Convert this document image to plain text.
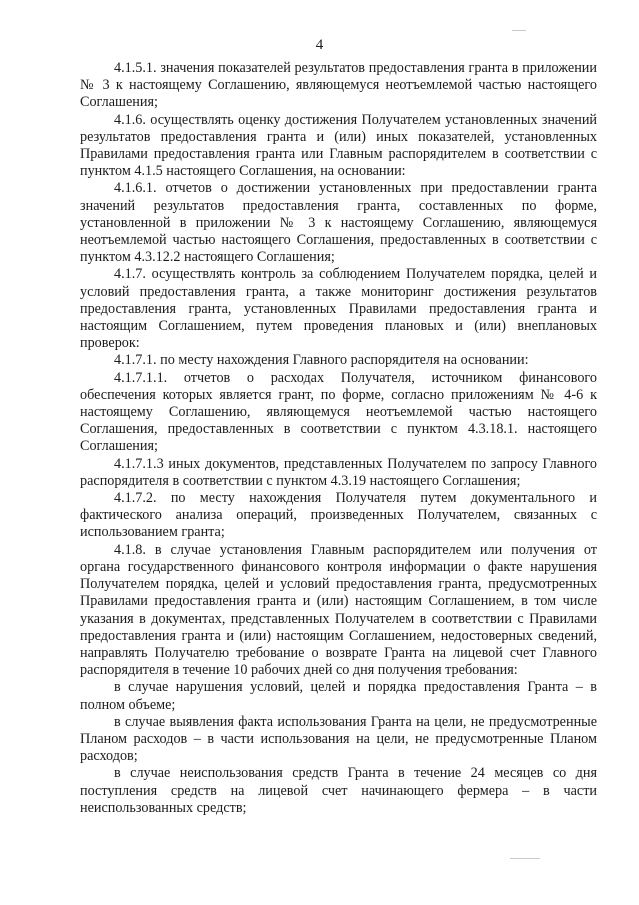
4

4.1.5.1. значения показателей результатов предоставления гранта в приложении № 3 к настоящему Соглашению, являющемуся неотъемлемой частью настоящего Соглашения;

4.1.6. осуществлять оценку достижения Получателем установленных значений результатов предоставления гранта и (или) иных показателей, установленных Правилами предоставления гранта или Главным распорядителем в соответствии с пунктом 4.1.5 настоящего Соглашения, на основании:

4.1.6.1. отчетов о достижении установленных при предоставлении гранта значений результатов предоставления гранта, составленных по форме, установленной в приложении № 3 к настоящему Соглашению, являющемуся неотъемлемой частью настоящего Соглашения, предоставленных в соответствии с пунктом 4.3.12.2 настоящего Соглашения;

4.1.7. осуществлять контроль за соблюдением Получателем порядка, целей и условий предоставления гранта, а также мониторинг достижения результатов предоставления гранта, установленных Правилами предоставления гранта и настоящим Соглашением, путем проведения плановых и (или) внеплановых проверок:

4.1.7.1. по месту нахождения Главного распорядителя на основании:

4.1.7.1.1. отчетов о расходах Получателя, источником финансового обеспечения которых является грант, по форме, согласно приложениям № 4-6 к настоящему Соглашению, являющемуся неотъемлемой частью настоящего Соглашения, предоставленных в соответствии с пунктом 4.3.18.1. настоящего Соглашения;

4.1.7.1.3 иных документов, представленных Получателем по запросу Главного распорядителя в соответствии с пунктом 4.3.19 настоящего Соглашения;

4.1.7.2. по месту нахождения Получателя путем документального и фактического анализа операций, произведенных Получателем, связанных с использованием гранта;

4.1.8. в случае установления Главным распорядителем или получения от органа государственного финансового контроля информации о факте нарушения Получателем порядка, целей и условий предоставления гранта, предусмотренных Правилами предоставления гранта и (или) настоящим Соглашением, в том числе указания в документах, представленных Получателем в соответствии с Правилами предоставления гранта и (или) настоящим Соглашением, недостоверных сведений, направлять Получателю требование о возврате Гранта на лицевой счет Главного распорядителя в течение 10 рабочих дней со дня получения требования:

в случае нарушения условий, целей и порядка предоставления Гранта – в полном объеме;

в случае выявления факта использования Гранта на цели, не предусмотренные Планом расходов – в части использования на цели, не предусмотренные Планом расходов;

в случае неиспользования средств Гранта в течение 24 месяцев со дня поступления средств на лицевой счет начинающего фермера – в части неиспользованных средств;
